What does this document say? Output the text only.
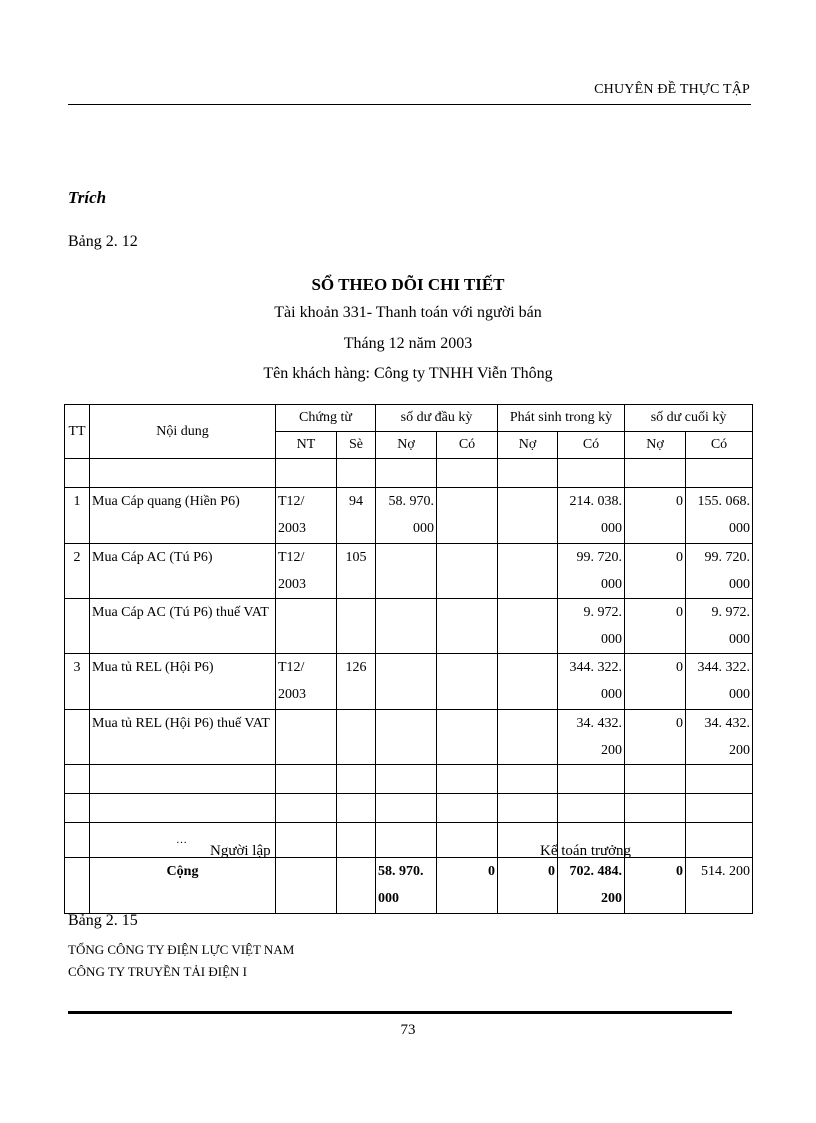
CHUYÊN ĐỀ THỰC TẬP
Trích
Bảng 2. 12
SỔ THEO DÕI CHI TIẾT
Tài khoản 331- Thanh toán với người bán
Tháng 12 năm 2003
Tên khách hàng: Công ty TNHH Viễn Thông
TT	Nội dung	Chứng từ		số dư đầu kỳ		Phát sinh trong kỳ		số dư cuối kỳ	
		NT	Sè	Nợ	Có	Nợ	Có	Nợ	Có

1	Mua Cáp quang (Hiền P6)	T12/ 2003	94	58. 970. 000			214. 038. 000	0	155. 068. 000
2	Mua Cáp AC (Tú P6)	T12/ 2003	105				99. 720. 000	0	99. 720. 000
	Mua Cáp AC (Tú P6) thuế VAT						9. 972. 000	0	9. 972. 000
3	Mua tủ REL (Hội P6)	T12/ 2003	126				344. 322. 000	0	344. 322. 000
	Mua tủ REL (Hội P6) thuế VAT						34. 432. 200	0	34. 432. 200

	…								
	Cộng			58. 970. 000	0	0	702. 484. 200	0	514. 200
Người lập	Kế toán trưởng
Bảng 2. 15
TỔNG CÔNG TY ĐIỆN LỰC VIỆT NAM
CÔNG TY TRUYỀN TẢI ĐIỆN I
73
